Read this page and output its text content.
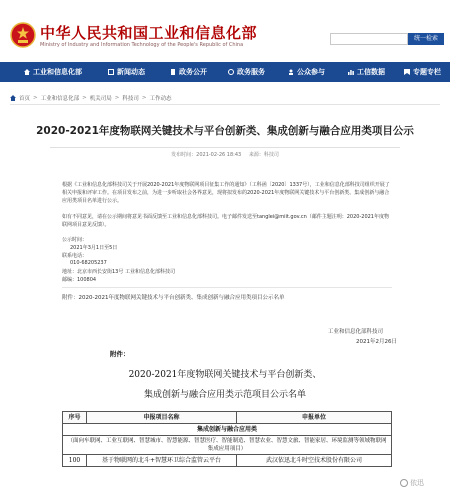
中华人民共和国工业和信息化部
Ministry of Industry and Information Technology of the People's Republic of China
统一检索
工业和信息化部	新闻动态	政务公开	政务服务	公众参与	工信数据	专题专栏
首页 > 工业和信息化部 > 机关司局 > 科技司 > 工作动态
2020-2021年度物联网关键技术与平台创新类、集成创新与融合应用类项目公示
发布时间：2021-02-26 18:43 来源：科技司
根据《工业和信息化部科技司关于开展2020-2021年度物联网项目征集工作的通知》（工科函〔2020〕1337号），工业和信息化部科技司组织开展了相关申报和评审工作。在项目发布之前，为进一步听取社会各界意见，现将拟发布的2020-2021年度物联网关键技术与平台创新类、集成创新与融合应用类项目名单进行公示。
如有不同意见，请在公示期间将意见书面反馈至工业和信息化部科技司。电子邮件发送至tanglei@miit.gov.cn（邮件主题注明：2020-2021年度物联网项目意见反馈）。
公示时间：
2021年3月1日至5日
联系电话：
010-68205237
地址：北京市西长安街13号 工业和信息化部科技司
邮编：100804
附件：2020-2021年度物联网关键技术与平台创新类、集成创新与融合应用类项目公示名单
工业和信息化部科技司
2021年2月26日
附件：
2020-2021年度物联网关键技术与平台创新类、
集成创新与融合应用类示范项目公示名单
序号	申报项目名称	申报单位
集成创新与融合应用类		
（面向车联网、工业互联网、智慧城市、智慧能源、智慧医疗、智能制造、智慧农业、智慧文旅、智能家居、环境监测等领域物联网集成应用项目）		
100	基于物联网的北斗+智慧环卫综合监管云平台	武汉依迅北斗时空技术股份有限公司
依迅
